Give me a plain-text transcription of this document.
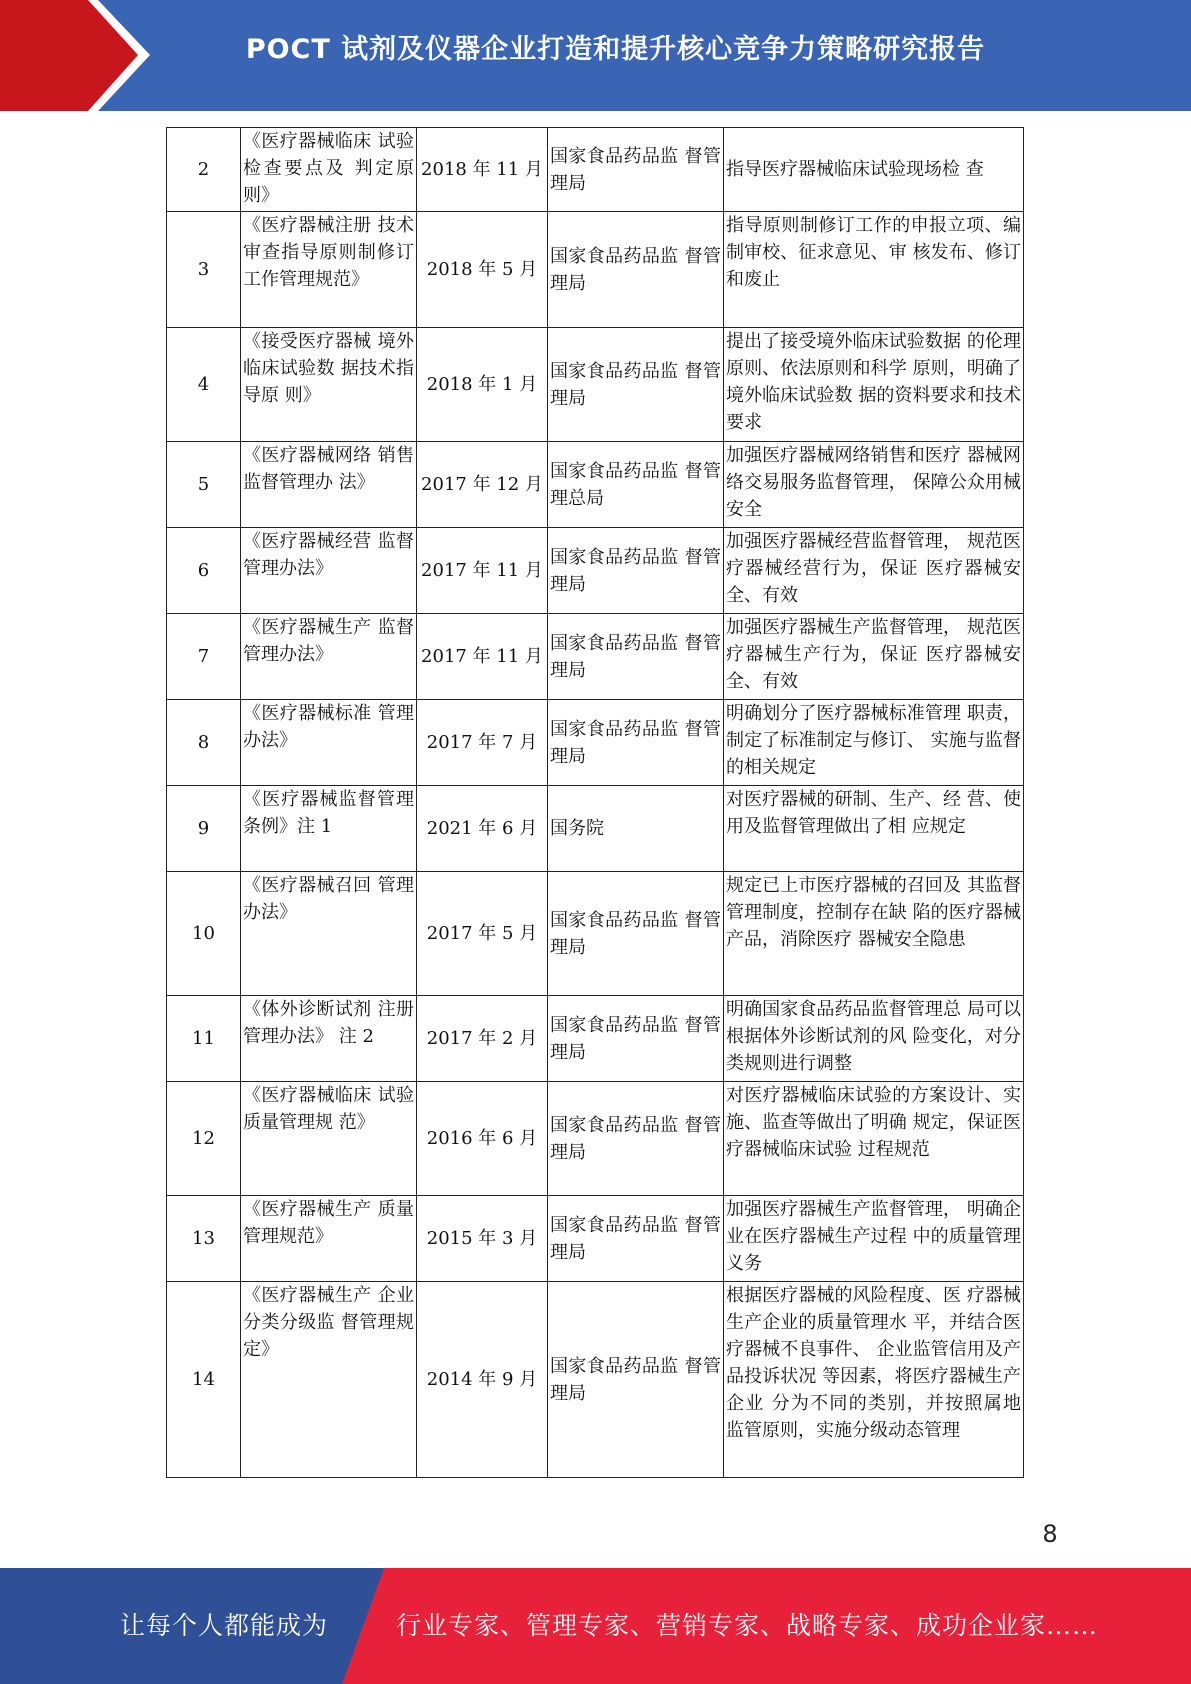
POCT 试剂及仪器企业打造和提升核心竞争力策略研究报告
2	《医疗器械临床 试验检查要点及 判定原则》	2018 年 11 月	国家食品药品监 督管理局	指导医疗器械临床试验现场检 查
3	《医疗器械注册 技术审查指导原则制修订工作管理规范》	2018 年 5 月	国家食品药品监 督管理局	指导原则制修订工作的申报立项、编制审校、征求意见、审 核发布、修订和废止
4	《接受医疗器械 境外临床试验数 据技术指导原 则》	2018 年 1 月	国家食品药品监 督管理局	提出了接受境外临床试验数据 的伦理原则、依法原则和科学 原则，明确了境外临床试验数 据的资料要求和技术要求
5	《医疗器械网络 销售监督管理办 法》	2017 年 12 月	国家食品药品监 督管理总局	加强医疗器械网络销售和医疗 器械网络交易服务监督管理， 保障公众用械安全
6	《医疗器械经营 监督管理办法》	2017 年 11 月	国家食品药品监 督管理局	加强医疗器械经营监督管理， 规范医疗器械经营行为，保证 医疗器械安全、有效
7	《医疗器械生产 监督管理办法》	2017 年 11 月	国家食品药品监 督管理局	加强医疗器械生产监督管理， 规范医疗器械生产行为，保证 医疗器械安全、有效
8	《医疗器械标准 管理办法》	2017 年 7 月	国家食品药品监 督管理局	明确划分了医疗器械标准管理 职责，制定了标准制定与修订、 实施与监督的相关规定
9	《医疗器械监督管理条例》注 1	2021 年 6 月	国务院	对医疗器械的研制、生产、经 营、使用及监督管理做出了相 应规定
10	《医疗器械召回 管理办法》	2017 年 5 月	国家食品药品监 督管理局	规定已上市医疗器械的召回及 其监督管理制度，控制存在缺 陷的医疗器械产品，消除医疗 器械安全隐患
11	《体外诊断试剂 注册管理办法》 注 2	2017 年 2 月	国家食品药品监 督管理局	明确国家食品药品监督管理总 局可以根据体外诊断试剂的风 险变化，对分类规则进行调整
12	《医疗器械临床 试验质量管理规 范》	2016 年 6 月	国家食品药品监 督管理局	对医疗器械临床试验的方案设计、实施、监查等做出了明确 规定，保证医疗器械临床试验 过程规范
13	《医疗器械生产 质量管理规范》	2015 年 3 月	国家食品药品监 督管理局	加强医疗器械生产监督管理， 明确企业在医疗器械生产过程 中的质量管理义务
14	《医疗器械生产 企业分类分级监 督管理规定》	2014 年 9 月	国家食品药品监 督管理局	根据医疗器械的风险程度、医 疗器械生产企业的质量管理水 平，并结合医疗器械不良事件、 企业监管信用及产品投诉状况 等因素，将医疗器械生产企业 分为不同的类别，并按照属地 监管原则，实施分级动态管理
8
让每个人都能成为	行业专家、管理专家、营销专家、战略专家、成功企业家……
